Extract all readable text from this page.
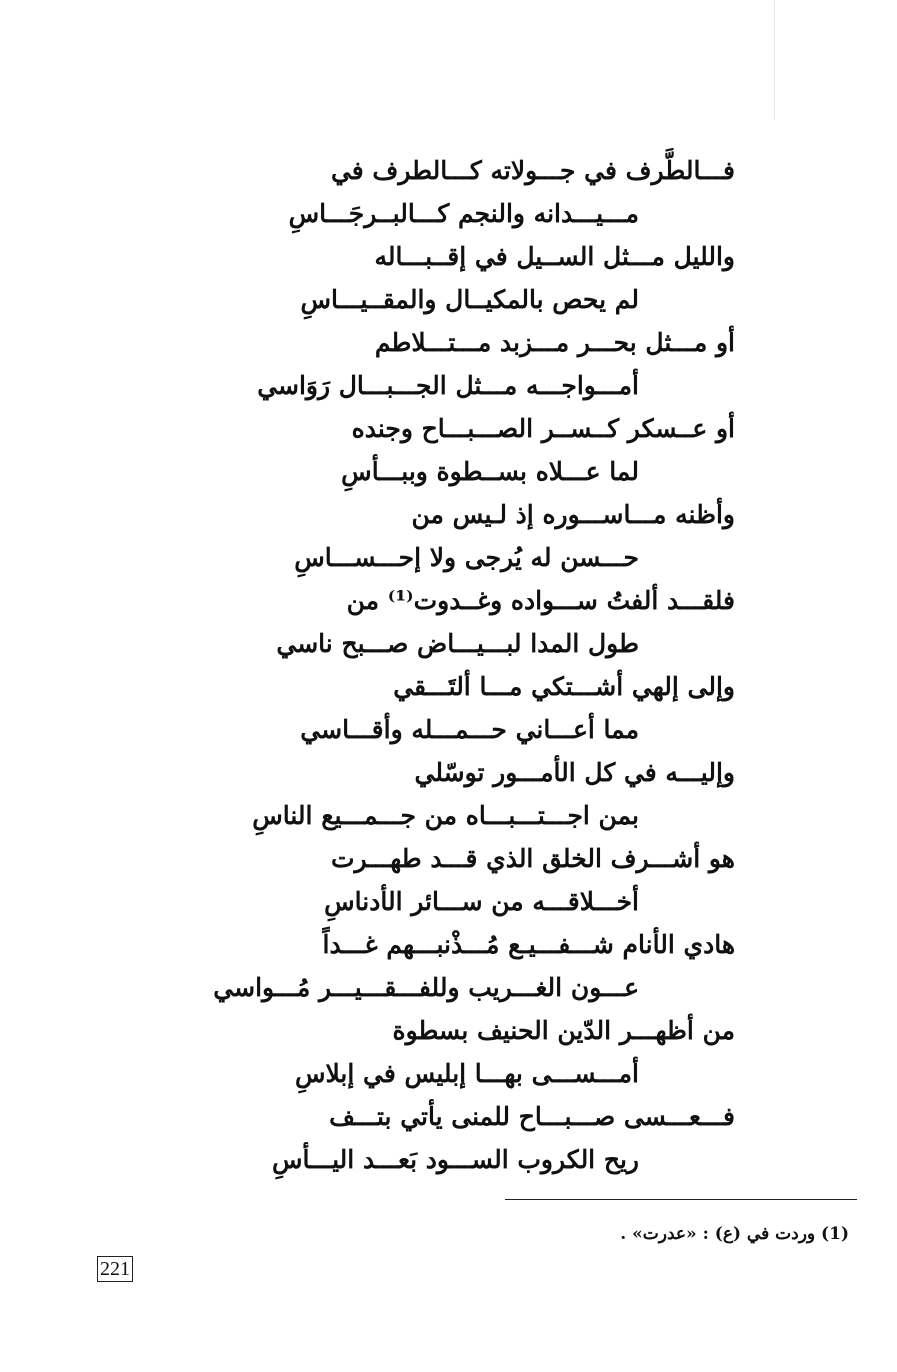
فـــالطَّرف في جـــولاته كـــالطرف في

مـــيـــدانه والنجم كـــالبــرجَـــاسِ

والليل مـــثل الســيل في إقــبـــاله

لم يحص بالمكيــال والمقــيـــاسِ

أو مـــثل بحـــر مـــزبد مـــتـــلاطم

أمـــواجـــه مـــثل الجـــبـــال رَوَاسي

أو عــسكر كــســر الصـــبـــاح وجنده

لما عـــلاه بســطوة وببـــأسِ

وأظنه مـــاســـوره إذ لـيس من

حـــسن له يُرجى ولا إحـــســـاسِ

فلقـــد ألفتُ ســـواده وغــدوت⁽¹⁾ من

طول المدا لبـــيـــاض صـــبح ناسي

وإلى إلهي أشـــتكي مـــا ألتَـــقي

مما أعـــاني حـــمـــله وأقـــاسي

وإليـــه في كل الأمـــور توسّلي

بمن اجـــتـــبـــاه من جـــمـــيع الناسِ

هو أشـــرف الخلق الذي قـــد طهـــرت

أخـــلاقـــه من ســـائر الأدناسِ

هادي الأنام شـــفـــيـع مُـــذْنبـــهم غـــداً

عـــون الغـــريب وللفـــقـــيـــر مُـــواسي

من أظهـــر الدّين الحنيف بسطوة

أمـــســـى بهـــا إبليس في إبلاسِ

فـــعـــسى صـــبـــاح للمنى يأتي بتـــف

ريح الكروب الســـود بَعـــد اليـــأسِ

(1) وردت في (ع) : «عدرت» .
221
